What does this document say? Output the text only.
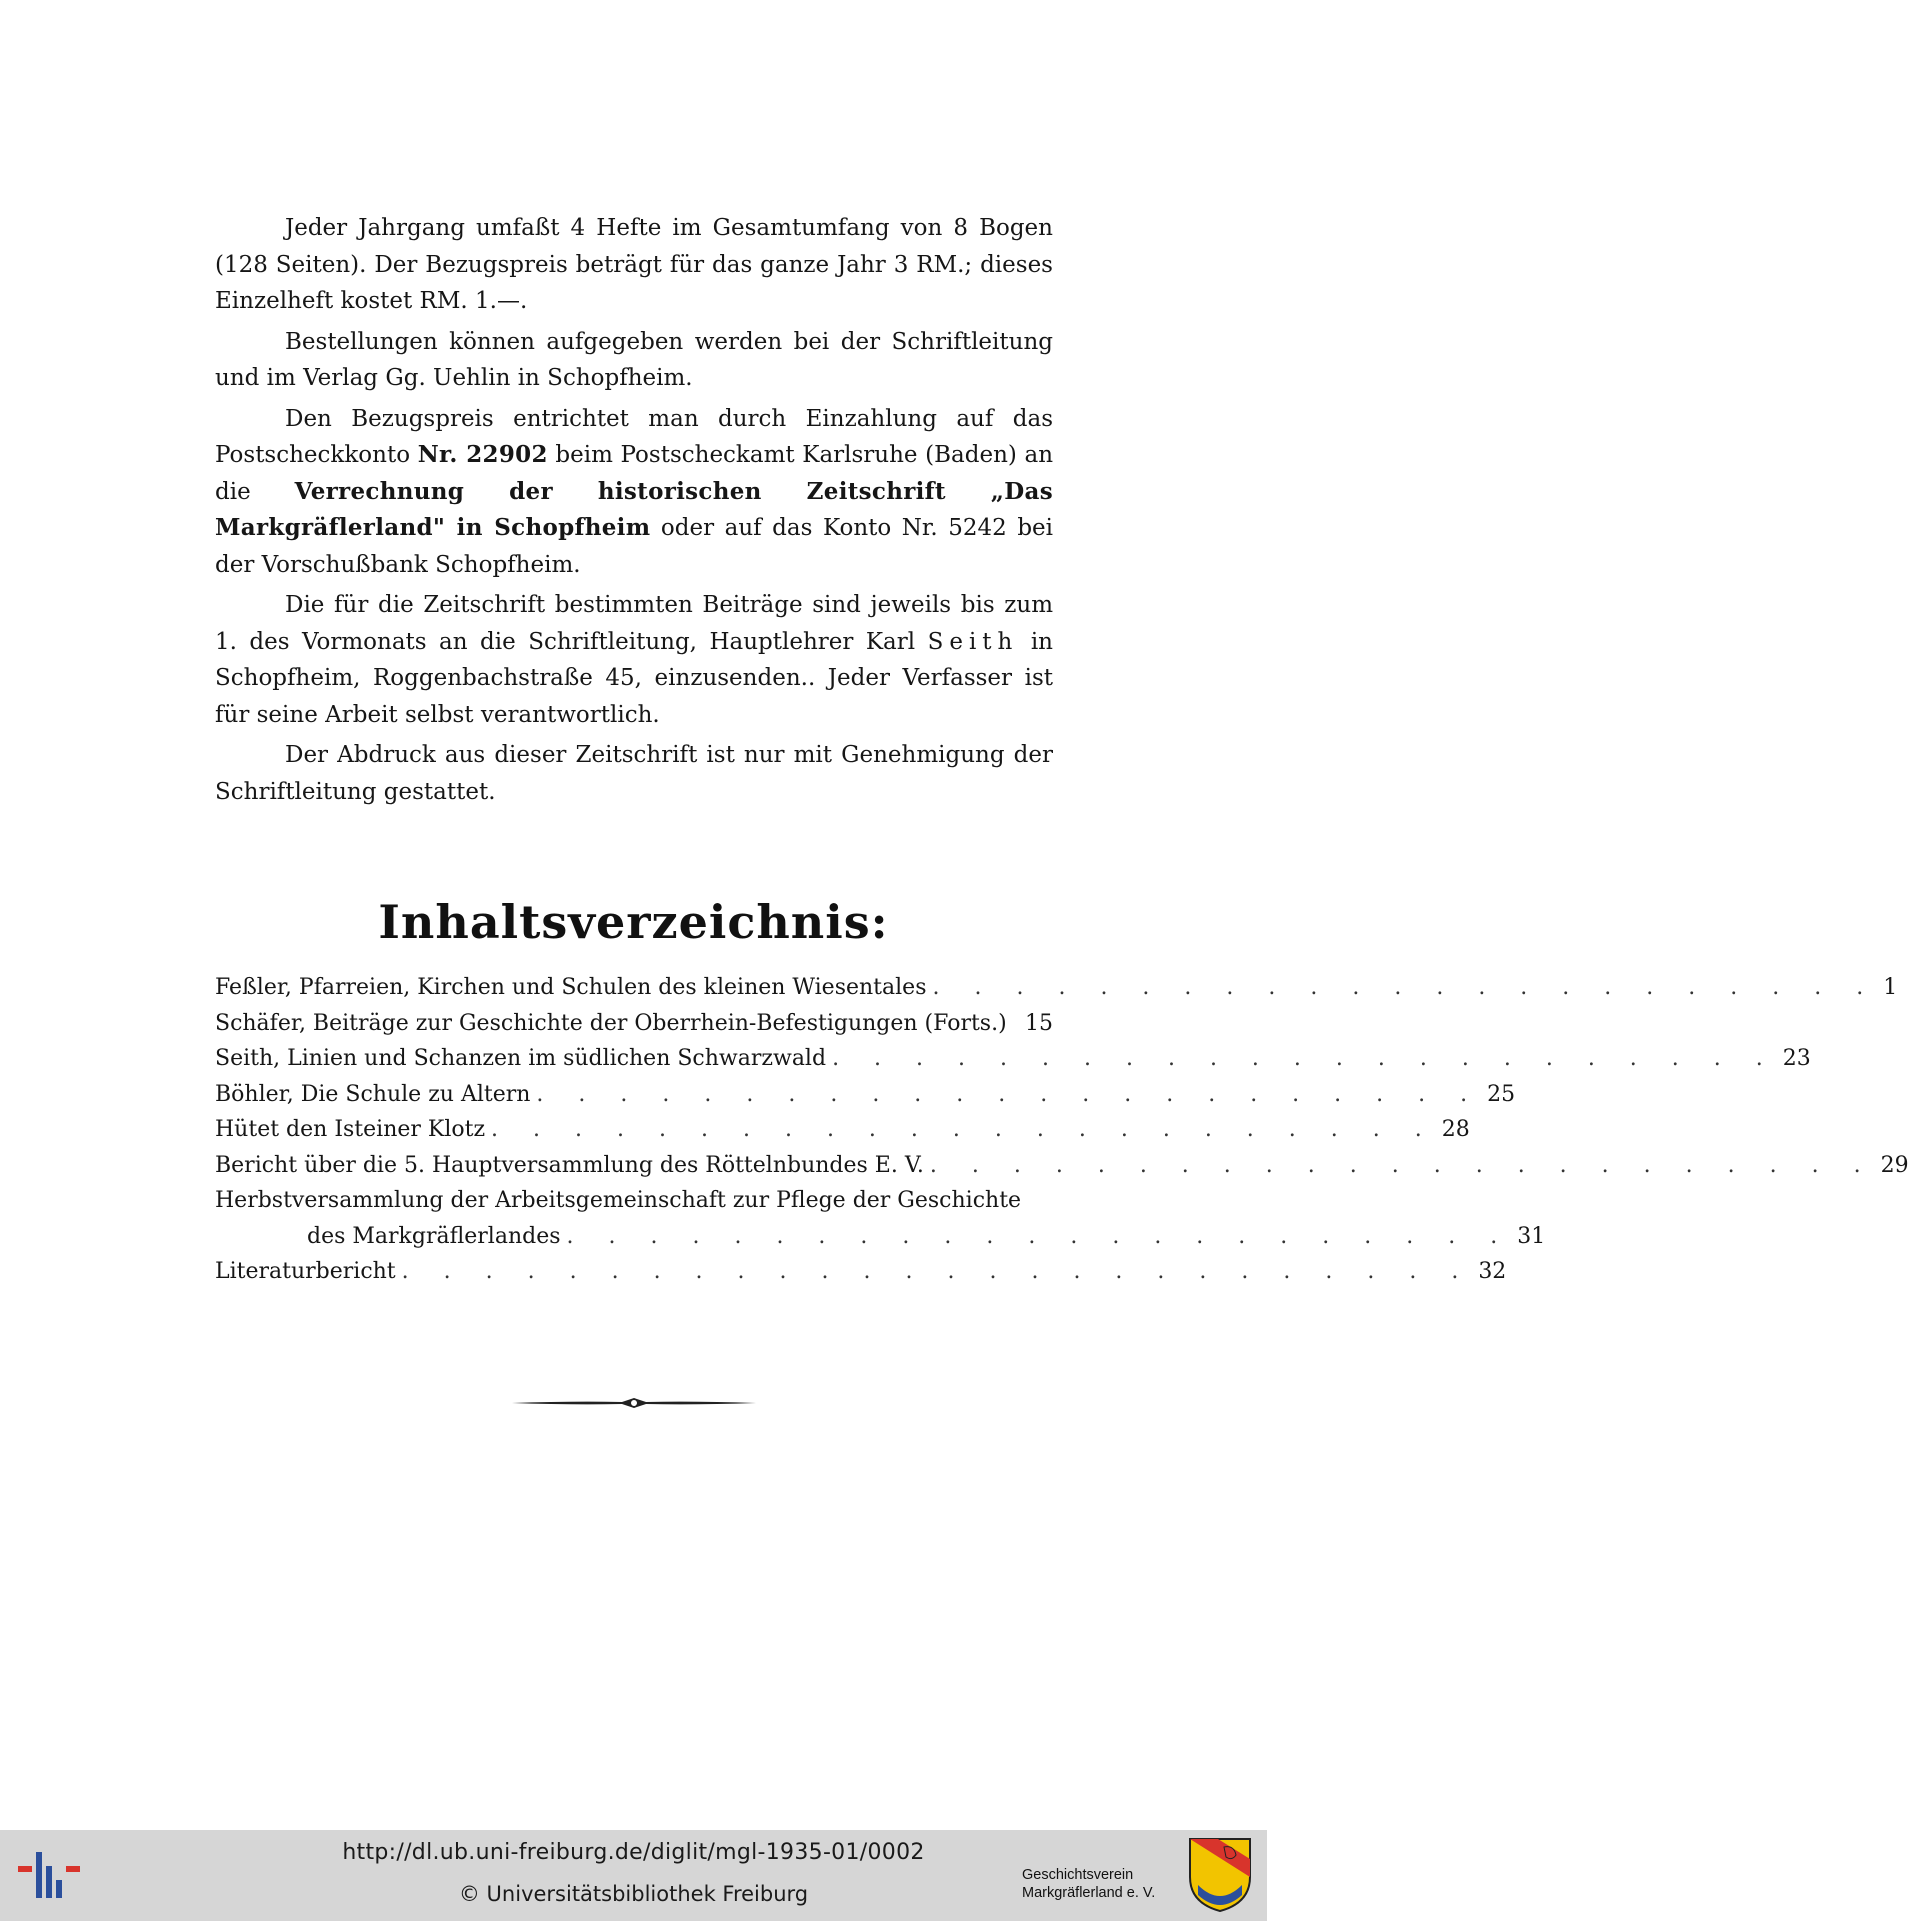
Jeder Jahrgang umfaßt 4 Hefte im Gesamtumfang von 8 Bogen (128 Seiten). Der Bezugspreis beträgt für das ganze Jahr 3 RM.; dieses Einzelheft kostet RM. 1.—.

Bestellungen können aufgegeben werden bei der Schriftleitung und im Verlag Gg. Uehlin in Schopfheim.

Den Bezugspreis entrichtet man durch Einzahlung auf das Postscheckkonto Nr. 22902 beim Postscheckamt Karlsruhe (Baden) an die Verrechnung der historischen Zeitschrift „Das Markgräflerland" in Schopfheim oder auf das Konto Nr. 5242 bei der Vorschußbank Schopfheim.

Die für die Zeitschrift bestimmten Beiträge sind jeweils bis zum 1. des Vormonats an die Schriftleitung, Hauptlehrer Karl Seith in Schopfheim, Roggenbachstraße 45, einzusenden.. Jeder Verfasser ist für seine Arbeit selbst verantwortlich.

Der Abdruck aus dieser Zeitschrift ist nur mit Genehmigung der Schriftleitung gestattet.

Inhaltsverzeichnis:
Feßler, Pfarreien, Kirchen und Schulen des kleinen Wiesentales . . . . . . . . . . . . . . . . . . . . . . . 1
Schäfer, Beiträge zur Geschichte der Oberrhein-Befestigungen (Forts.) 15
Seith, Linien und Schanzen im südlichen Schwarzwald . . . . . . . . . . . . . . . . . . . . . . . 23
Böhler, Die Schule zu Altern . . . . . . . . . . . . . . . . . . . . . . . 25
Hütet den Isteiner Klotz . . . . . . . . . . . . . . . . . . . . . . . 28
Bericht über die 5. Hauptversammlung des Röttelnbundes E. V. . . . . . . . . . . . . . . . . . . . . . . . 29
Herbstversammlung der Arbeitsgemeinschaft zur Pflege der Geschichte
des Markgräflerlandes . . . . . . . . . . . . . . . . . . . . . . . 31
Literaturbericht . . . . . . . . . . . . . . . . . . . . . . . . . . 32
http://dl.ub.uni-freiburg.de/diglit/mgl-1935-01/0002
© Universitätsbibliothek Freiburg
Geschichtsverein
Markgräflerland e. V.
